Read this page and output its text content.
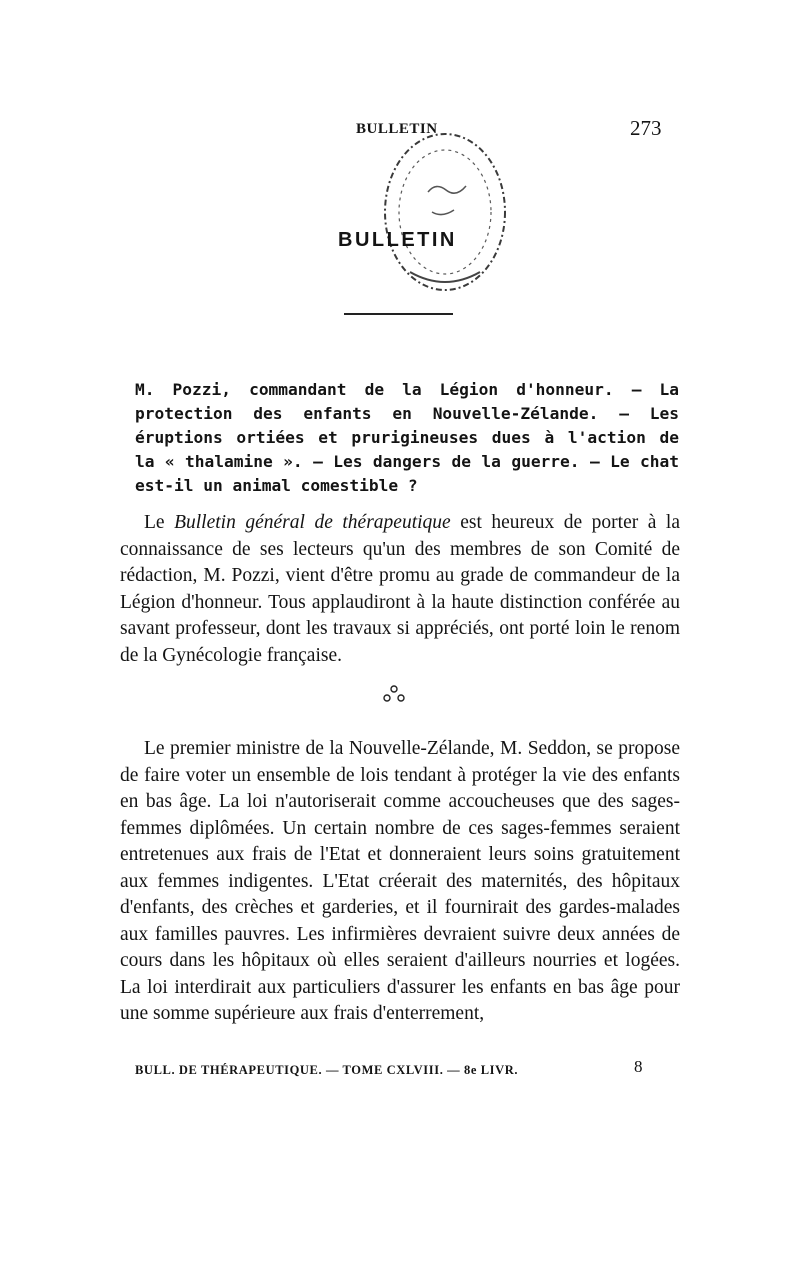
BULLETIN	273
BULLETIN
M. Pozzi, commandant de la Légion d'honneur. — La protection des enfants en Nouvelle-Zélande. — Les éruptions ortiées et prurigineuses dues à l'action de la « thalamine ». — Les dangers de la guerre. — Le chat est-il un animal comestible ?
Le Bulletin général de thérapeutique est heureux de porter à la connaissance de ses lecteurs qu'un des membres de son Comité de rédaction, M. Pozzi, vient d'être promu au grade de commandeur de la Légion d'honneur. Tous applaudiront à la haute distinction conférée au savant professeur, dont les travaux si appréciés, ont porté loin le renom de la Gynécologie française.
Le premier ministre de la Nouvelle-Zélande, M. Seddon, se propose de faire voter un ensemble de lois tendant à protéger la vie des enfants en bas âge. La loi n'autoriserait comme accoucheuses que des sages-femmes diplômées. Un certain nombre de ces sages-femmes seraient entretenues aux frais de l'Etat et donneraient leurs soins gratuitement aux femmes indigentes. L'Etat créerait des maternités, des hôpitaux d'enfants, des crèches et garderies, et il fournirait des gardes-malades aux familles pauvres. Les infirmières devraient suivre deux années de cours dans les hôpitaux où elles seraient d'ailleurs nourries et logées. La loi interdirait aux particuliers d'assurer les enfants en bas âge pour une somme supérieure aux frais d'enterrement,
BULL. DE THÉRAPEUTIQUE. — TOME CXLVIII. — 8e LIVR.	8
